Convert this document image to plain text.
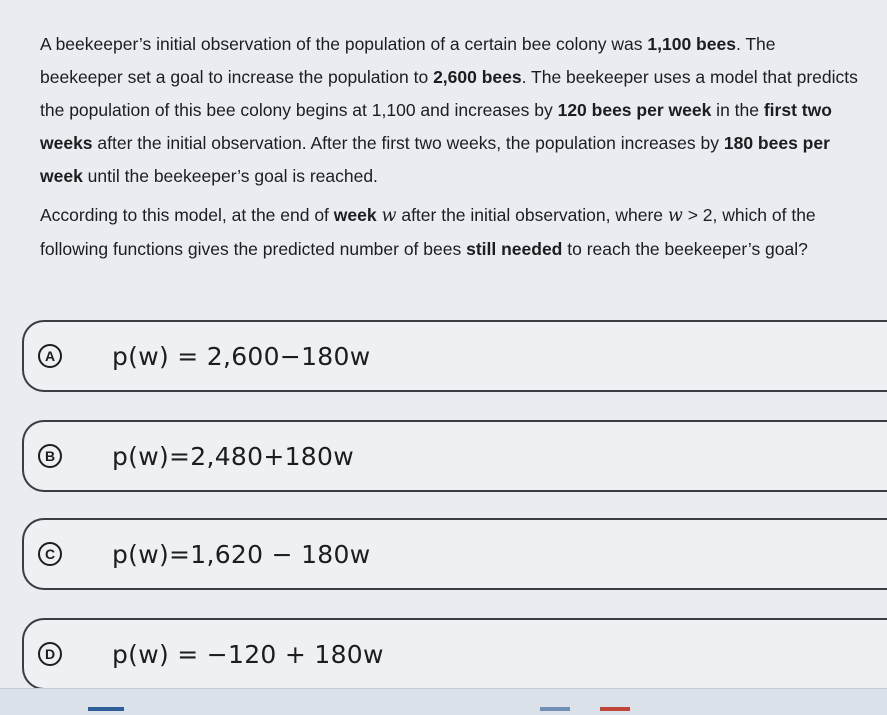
A beekeeper’s initial observation of the population of a certain bee colony was 1,100 bees. The beekeeper set a goal to increase the population to 2,600 bees. The beekeeper uses a model that predicts the population of this bee colony begins at 1,100 and increases by 120 bees per week in the first two weeks after the initial observation. After the first two weeks, the population increases by 180 bees per week until the beekeeper’s goal is reached.

According to this model, at the end of week w after the initial observation, where w > 2, which of the following functions gives the predicted number of bees still needed to reach the beekeeper’s goal?

A p(w) = 2,600−180w
B p(w)=2,480+180w
C p(w)=1,620 − 180w
D p(w) = −120 + 180w
